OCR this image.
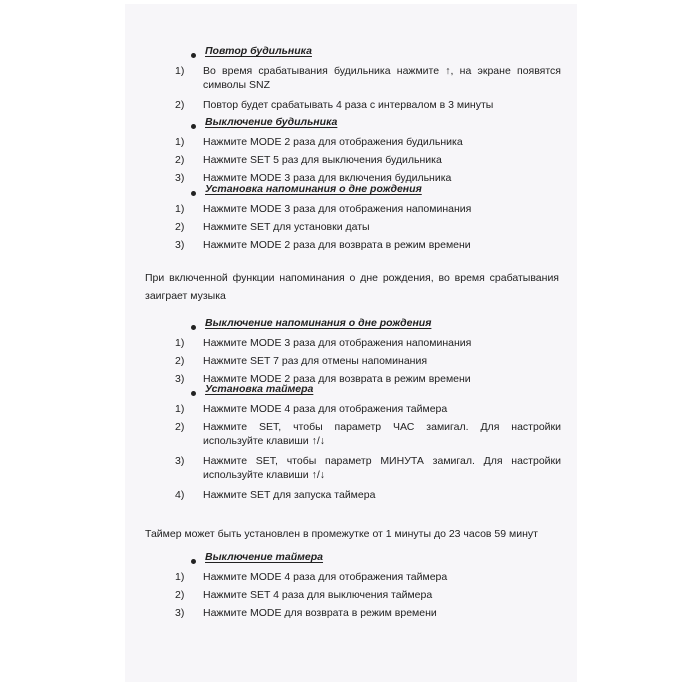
При включенной функции напоминания о дне рождения, во время срабатывания заиграет музыка

Таймер может быть установлен в промежутке от 1 минуты до 23 часов 59 минут

Повтор будильника
1)	Во время срабатывания будильника нажмите ↑, на экране появятся символы SNZ
2)	Повтор будет срабатывать 4 раза с интервалом в 3 минуты
Выключение будильника
1)	Нажмите MODE 2 раза для отображения будильника
2)	Нажмите SET 5 раз для выключения будильника
3)	Нажмите MODE 3 раза для включения будильника
Установка напоминания о дне рождения
1)	Нажмите MODE 3 раза для отображения напоминания
2)	Нажмите SET для установки даты
3)	Нажмите MODE 2 раза для возврата в режим времени
Выключение напоминания о дне рождения
1)	Нажмите MODE 3 раза для отображения напоминания
2)	Нажмите SET 7 раз для отмены напоминания
3)	Нажмите MODE 2 раза для возврата в режим времени
Установка таймера
1)	Нажмите MODE 4 раза для отображения таймера
2)	Нажмите SET, чтобы параметр ЧАС замигал. Для настройки используйте клавиши ↑/↓
3)	Нажмите SET, чтобы параметр МИНУТА замигал. Для настройки используйте клавиши ↑/↓
4)	Нажмите SET для запуска таймера
Выключение таймера
1)	Нажмите MODE 4 раза для отображения таймера
2)	Нажмите SET 4 раза для выключения таймера
3)	Нажмите MODE для возврата в режим времени
